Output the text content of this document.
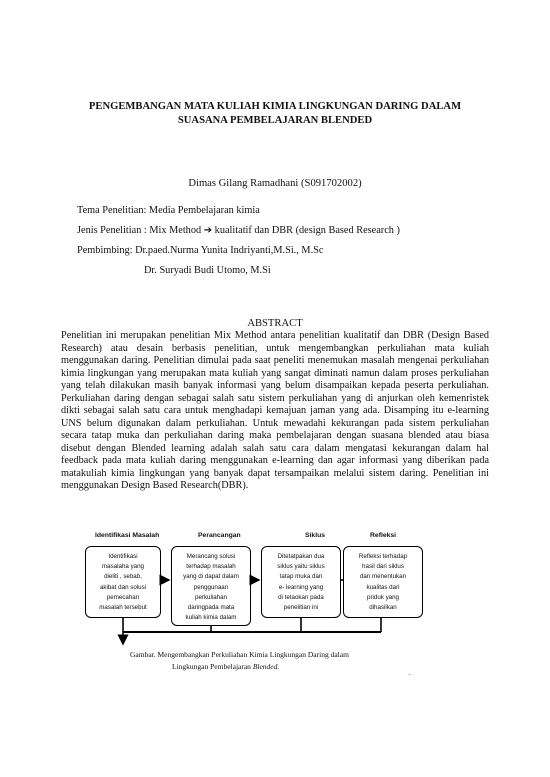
PENGEMBANGAN MATA KULIAH KIMIA LINGKUNGAN DARING DALAM
SUASANA PEMBELAJARAN BLENDED
Dimas Gilang Ramadhani (S091702002)
Tema Penelitian: Media Pembelajaran kimia
Jenis Penelitian : Mix Method ➔ kualitatif dan DBR (design Based Research )
Pembimbing: Dr.paed.Nurma Yunita Indriyanti,M.Si., M.Sc
Dr. Suryadi Budi Utomo, M.Si
ABSTRACT

Penelitian ini merupakan penelitian Mix Method antara penelitian kualitatif dan DBR (Design Based Research) atau desain berbasis penelitian, untuk mengembangkan perkuliahan mata kuliah menggunakan daring. Penelitian dimulai pada saat peneliti menemukan masalah mengenai perkuliahan kimia lingkungan yang merupakan mata kuliah yang sangat diminati namun dalam proses perkuliahan yang telah dilakukan masih banyak informasi yang belum disampaikan kepada peserta perkuliahan. Perkuliahan daring dengan sebagai salah satu sistem perkuliahan yang di anjurkan oleh kemenristek dikti sebagai salah satu cara untuk menghadapi kemajuan jaman yang ada. Disamping itu e-learning UNS belum digunakan dalam perkuliahan. Untuk mewadahi kekurangan pada sistem perkuliahan secara tatap muka dan perkuliahan daring maka pembelajaran dengan suasana blended atau biasa disebut dengan Blended learning adalah salah satu cara dalam mengatasi kekurangan dalam hal feedback pada mata kuliah daring menggunakan e-learning dan agar informasi yang diberikan pada matakuliah kimia lingkungan yang banyak dapat tersampaikan melalui sistem daring. Penelitian ini menggunakan Design Based Research(DBR).

Identifikasi Masalah	Perancangan	Siklus	Refleksi
Identifikasi
masalaha yang
dieliti , sebab,
akibat dan solusi
pemecahan
masalah tersebut
Merancang solusi
terhadap masalah
yang di dapat dalam
penggunaan
perkuliahan
daringpada mata
kuliah kimia dalam
Ditetatpakan dua
siklus yaitu siklus
tatap muka dan
e- learning yang
di tetaokan pada
penelitian ini
Refleksi terhadap
hasil dari siklus
dan menentukan
kualitas dari
priduk yang
dihasilkan
Gambar. Mengembangkan Perkuliahan Kimia Lingkungan Daring dalam
Lingkungan Pembelajaran Blended.
.
